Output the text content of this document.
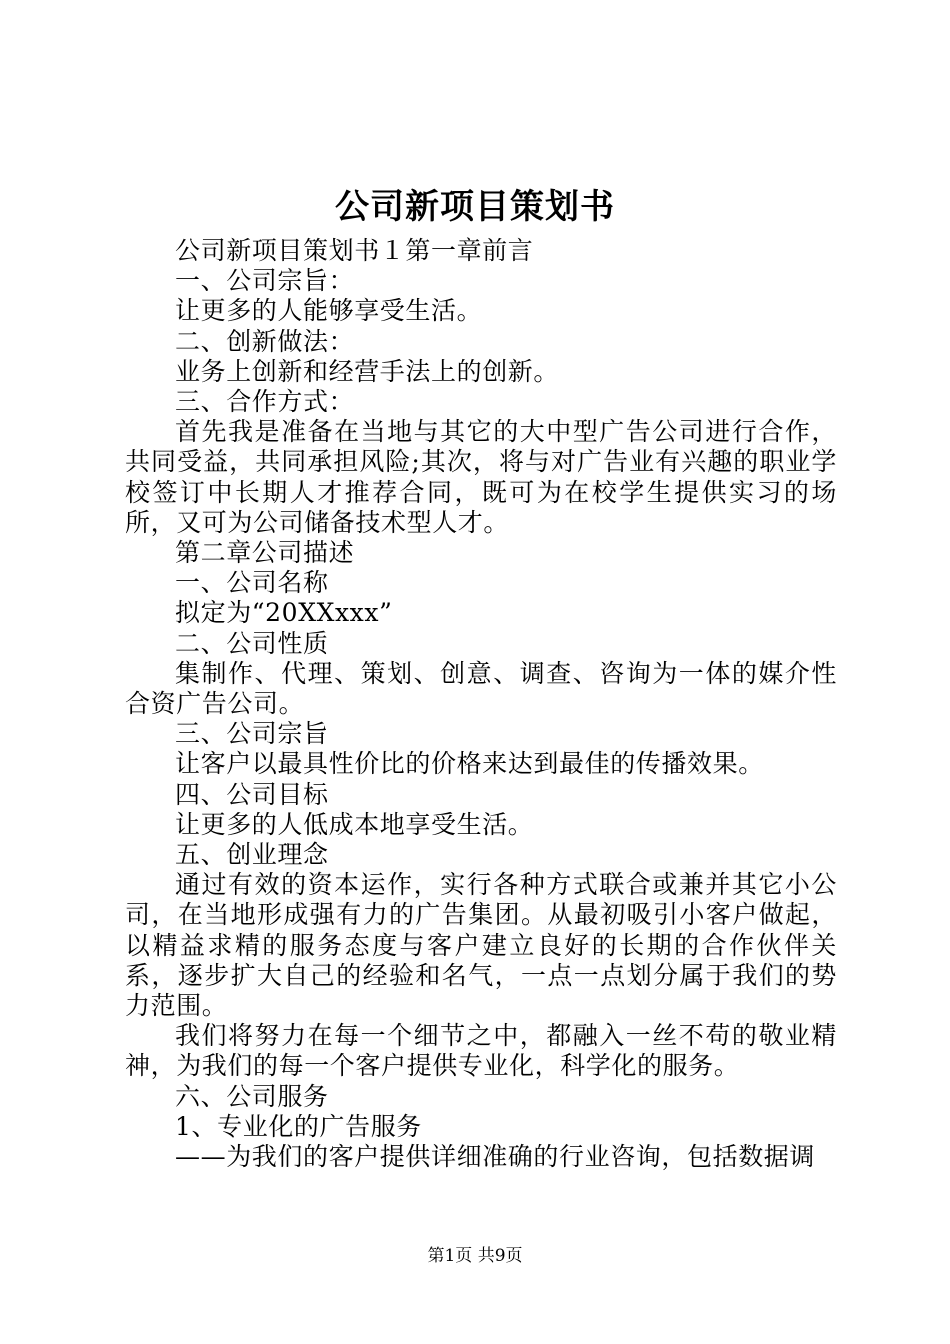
公司新项目策划书

公司新项目策划书１第一章前言

一、公司宗旨：

让更多的人能够享受生活。

二、创新做法：

业务上创新和经营手法上的创新。

三、合作方式：

首先我是准备在当地与其它的大中型广告公司进行合作，共同受益，共同承担风险;其次，将与对广告业有兴趣的职业学校签订中长期人才推荐合同，既可为在校学生提供实习的场所，又可为公司储备技术型人才。

第二章公司描述

一、公司名称

拟定为“20XXxxx”

二、公司性质

集制作、代理、策划、创意、调查、咨询为一体的媒介性合资广告公司。

三、公司宗旨

让客户以最具性价比的价格来达到最佳的传播效果。

四、公司目标

让更多的人低成本地享受生活。

五、创业理念

通过有效的资本运作，实行各种方式联合或兼并其它小公司，在当地形成强有力的广告集团。从最初吸引小客户做起，以精益求精的服务态度与客户建立良好的长期的合作伙伴关系，逐步扩大自己的经验和名气，一点一点划分属于我们的势力范围。

我们将努力在每一个细节之中，都融入一丝不苟的敬业精神，为我们的每一个客户提供专业化，科学化的服务。

六、公司服务

1、专业化的广告服务

——为我们的客户提供详细准确的行业咨询，包括数据调

第1页 共9页
